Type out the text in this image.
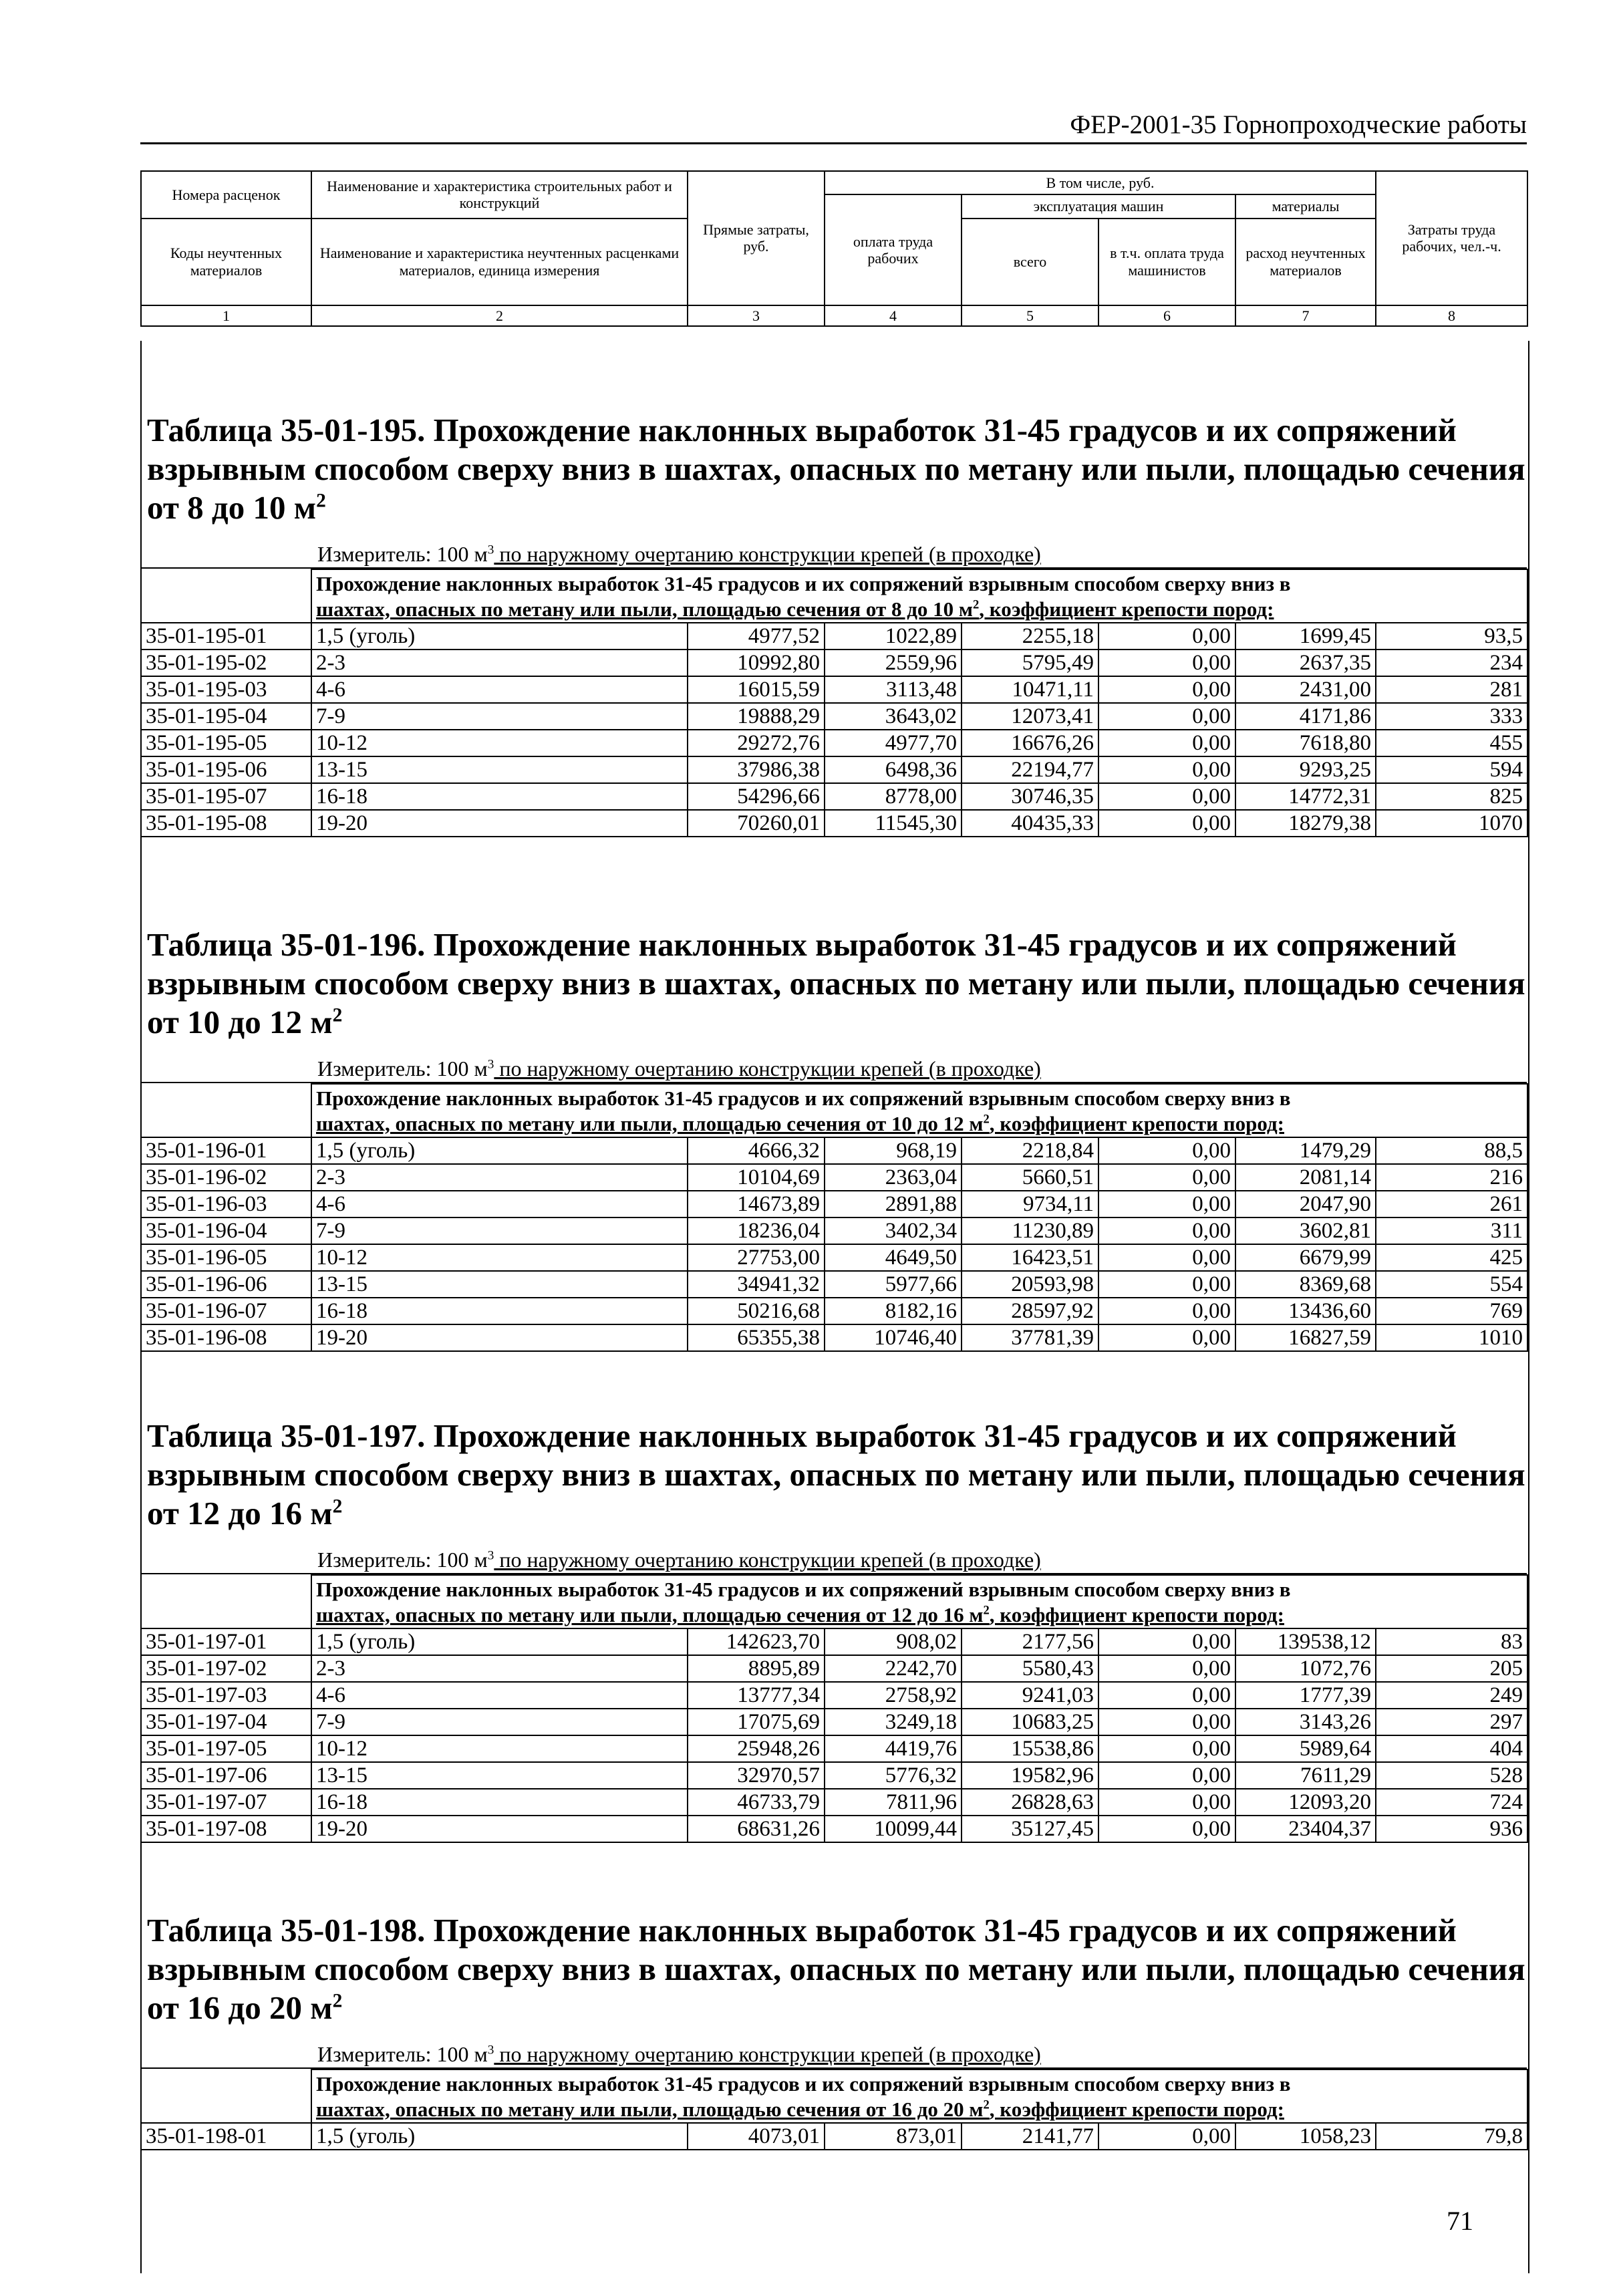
ФЕР-2001-35 Горнопроходческие работы
Номера расценок	Наименование и характеристика строительных работ и конструкций	Прямые затраты, руб.	В том числе, руб.				Затраты труда рабочих, чел.-ч.
			оплата труда рабочих	эксплуатация машин		материалы	
Коды неучтенных материалов	Наименование и характеристика неучтенных расценками материалов, единица измерения			всего	в т.ч. оплата труда машинистов	расход неучтенных материалов	

1	2	3	4	5	6	7	8
Таблица 35-01-195. Прохождение наклонных выработок 31-45 градусов и их сопряжений взрывным способом сверху вниз в шахтах, опасных по метану или пыли, площадью сечения от 8 до 10 $м^2$
Измеритель: 100 $м^3$ по наружному очертанию конструкции крепей (в проходке)
	Прохождение наклонных выработок 31-45 градусов и их сопряжений взрывным способом сверху вниз в
шахтах, опасных по метану или пыли, площадью сечения от 8 до 10 $м^2$, коэффициент крепости пород:						
35-01-195-01	1,5 (уголь)	4977,52	1022,89	2255,18	0,00	1699,45	93,5
35-01-195-02	2-3	10992,80	2559,96	5795,49	0,00	2637,35	234
35-01-195-03	4-6	16015,59	3113,48	10471,11	0,00	2431,00	281
35-01-195-04	7-9	19888,29	3643,02	12073,41	0,00	4171,86	333
35-01-195-05	10-12	29272,76	4977,70	16676,26	0,00	7618,80	455
35-01-195-06	13-15	37986,38	6498,36	22194,77	0,00	9293,25	594
35-01-195-07	16-18	54296,66	8778,00	30746,35	0,00	14772,31	825
35-01-195-08	19-20	70260,01	11545,30	40435,33	0,00	18279,38	1070
Таблица 35-01-196. Прохождение наклонных выработок 31-45 градусов и их сопряжений взрывным способом сверху вниз в шахтах, опасных по метану или пыли, площадью сечения от 10 до 12 $м^2$
Измеритель: 100 $м^3$ по наружному очертанию конструкции крепей (в проходке)
	Прохождение наклонных выработок 31-45 градусов и их сопряжений взрывным способом сверху вниз в
шахтах, опасных по метану или пыли, площадью сечения от 10 до 12 $м^2$, коэффициент крепости пород:						
35-01-196-01	1,5 (уголь)	4666,32	968,19	2218,84	0,00	1479,29	88,5
35-01-196-02	2-3	10104,69	2363,04	5660,51	0,00	2081,14	216
35-01-196-03	4-6	14673,89	2891,88	9734,11	0,00	2047,90	261
35-01-196-04	7-9	18236,04	3402,34	11230,89	0,00	3602,81	311
35-01-196-05	10-12	27753,00	4649,50	16423,51	0,00	6679,99	425
35-01-196-06	13-15	34941,32	5977,66	20593,98	0,00	8369,68	554
35-01-196-07	16-18	50216,68	8182,16	28597,92	0,00	13436,60	769
35-01-196-08	19-20	65355,38	10746,40	37781,39	0,00	16827,59	1010
Таблица 35-01-197. Прохождение наклонных выработок 31-45 градусов и их сопряжений взрывным способом сверху вниз в шахтах, опасных по метану или пыли, площадью сечения от 12 до 16 $м^2$
Измеритель: 100 $м^3$ по наружному очертанию конструкции крепей (в проходке)
	Прохождение наклонных выработок 31-45 градусов и их сопряжений взрывным способом сверху вниз в
шахтах, опасных по метану или пыли, площадью сечения от 12 до 16 $м^2$, коэффициент крепости пород:						
35-01-197-01	1,5 (уголь)	142623,70	908,02	2177,56	0,00	139538,12	83
35-01-197-02	2-3	8895,89	2242,70	5580,43	0,00	1072,76	205
35-01-197-03	4-6	13777,34	2758,92	9241,03	0,00	1777,39	249
35-01-197-04	7-9	17075,69	3249,18	10683,25	0,00	3143,26	297
35-01-197-05	10-12	25948,26	4419,76	15538,86	0,00	5989,64	404
35-01-197-06	13-15	32970,57	5776,32	19582,96	0,00	7611,29	528
35-01-197-07	16-18	46733,79	7811,96	26828,63	0,00	12093,20	724
35-01-197-08	19-20	68631,26	10099,44	35127,45	0,00	23404,37	936
Таблица 35-01-198. Прохождение наклонных выработок 31-45 градусов и их сопряжений взрывным способом сверху вниз в шахтах, опасных по метану или пыли, площадью сечения от 16 до 20 $м^2$
Измеритель: 100 $м^3$ по наружному очертанию конструкции крепей (в проходке)
	Прохождение наклонных выработок 31-45 градусов и их сопряжений взрывным способом сверху вниз в
шахтах, опасных по метану или пыли, площадью сечения от 16 до 20 $м^2$, коэффициент крепости пород:						
35-01-198-01	1,5 (уголь)	4073,01	873,01	2141,77	0,00	1058,23	79,8
71
